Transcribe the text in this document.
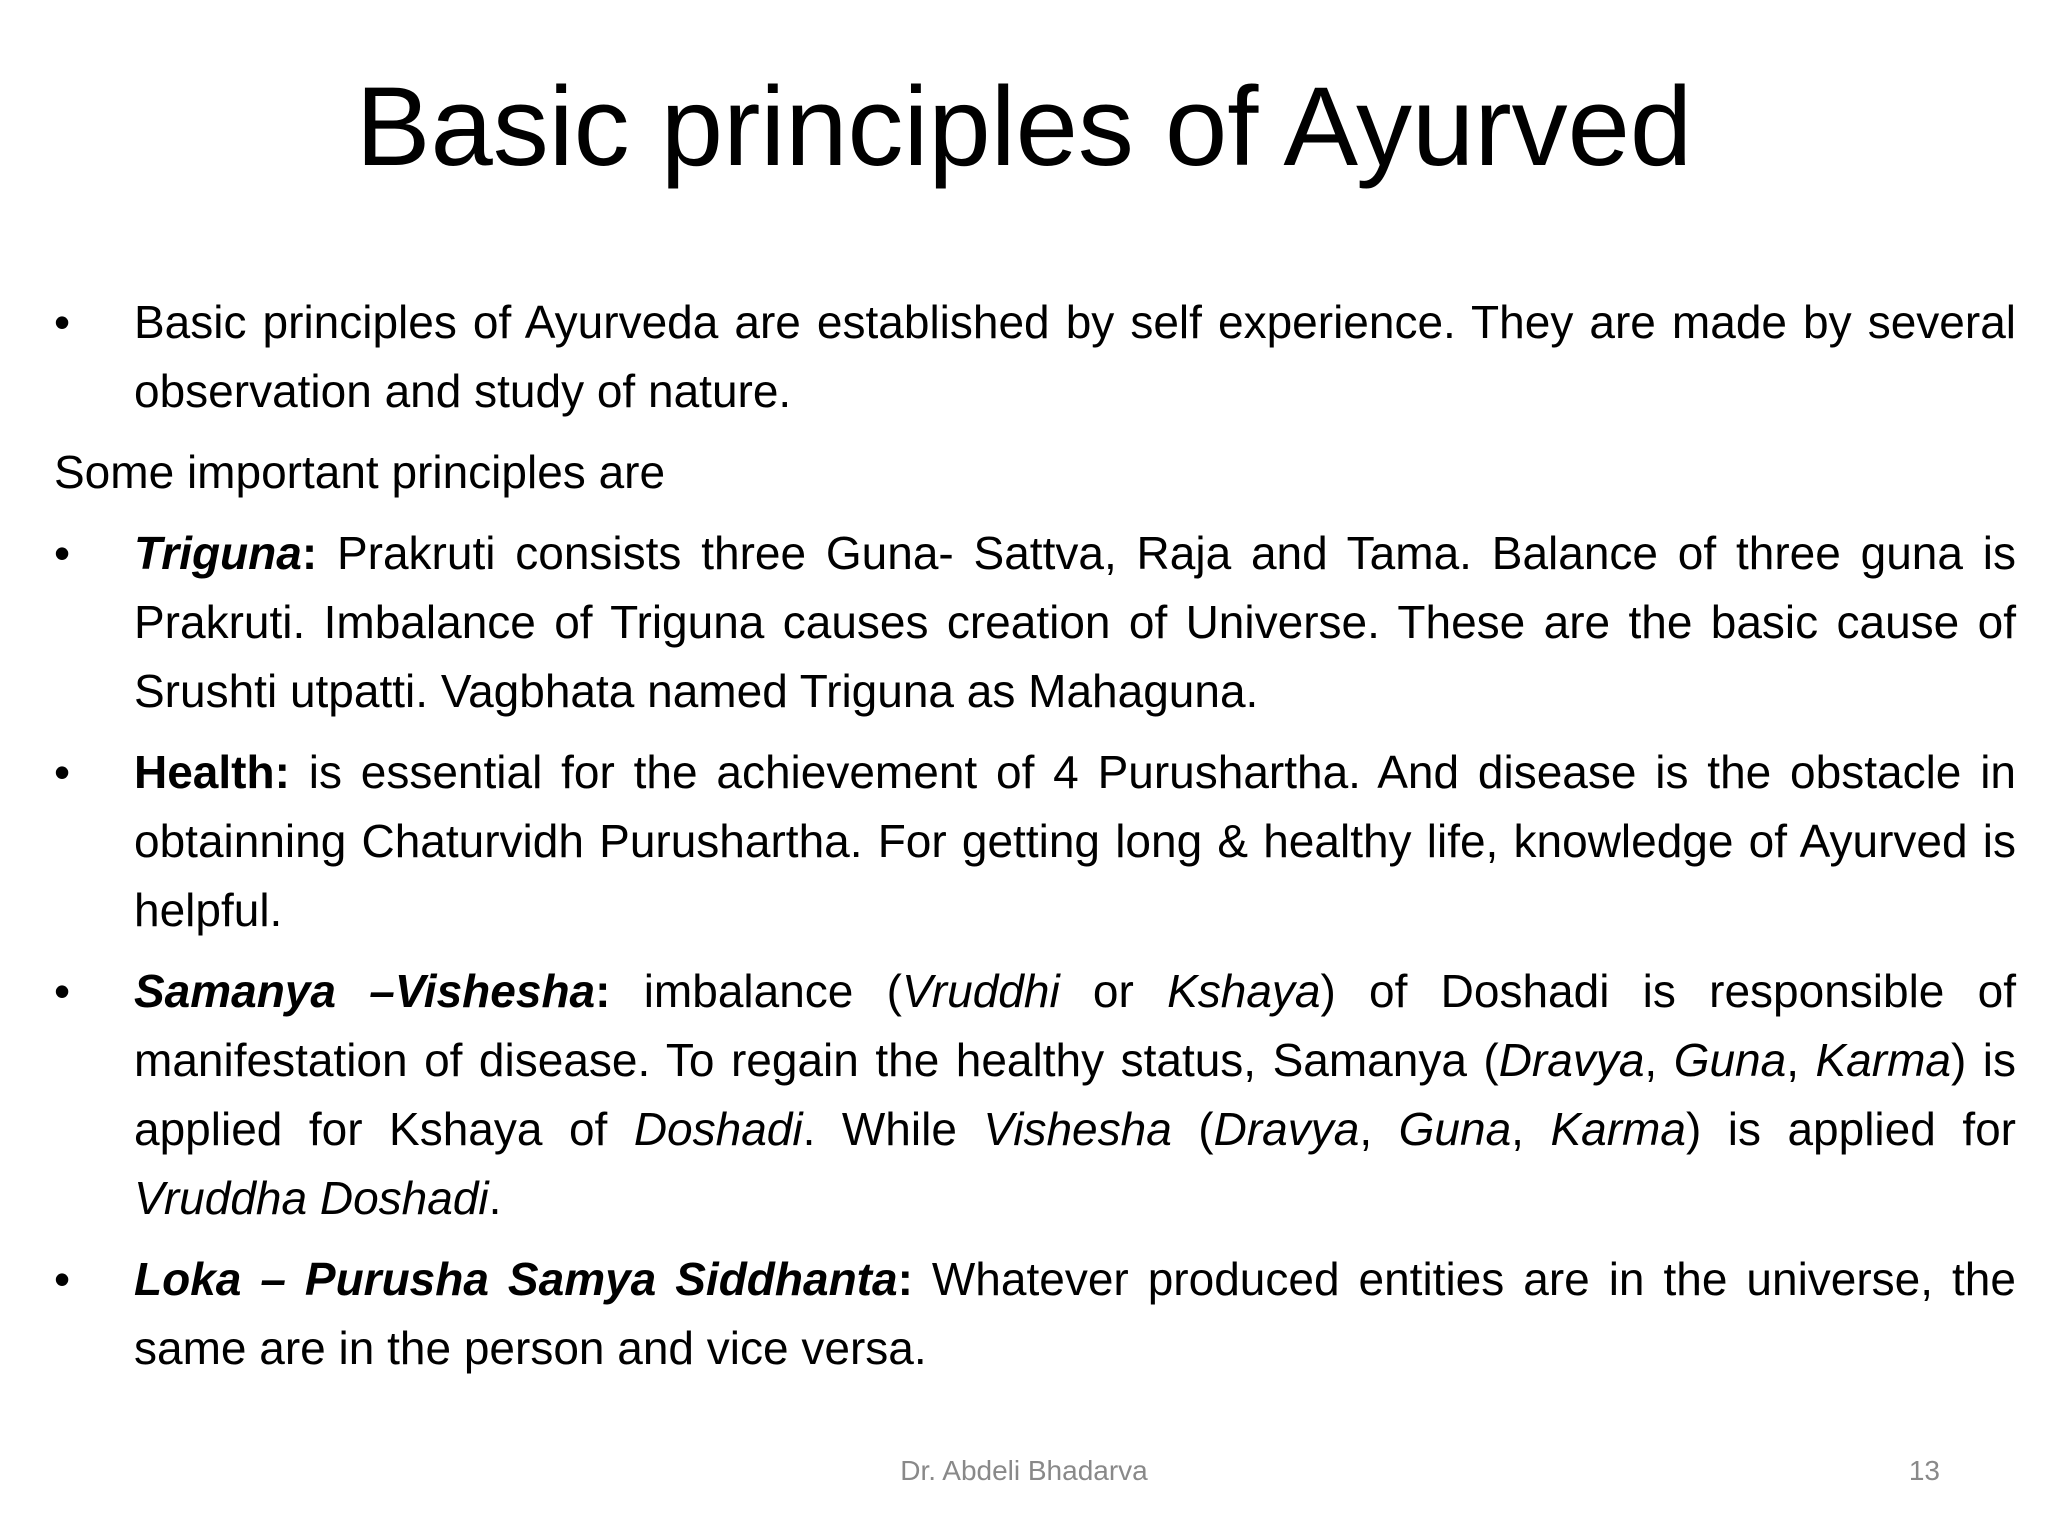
Basic principles of Ayurved

•	Basic principles of Ayurveda are established by self experience. They are made by several observation and study of nature.

Some important principles are

•	Triguna: Prakruti consists three Guna- Sattva, Raja and Tama. Balance of three guna is Prakruti. Imbalance of Triguna causes creation of Universe. These are the basic cause of Srushti utpatti. Vagbhata named Triguna as Mahaguna.

•	Health: is essential for the achievement of 4 Purushartha. And disease is the obstacle in obtainning Chaturvidh Purushartha. For getting long & healthy life, knowledge of Ayurved is helpful.

•	Samanya –Vishesha: imbalance (Vruddhi or Kshaya) of Doshadi is responsible of manifestation of disease. To regain the healthy status, Samanya (Dravya, Guna, Karma) is applied for Kshaya of Doshadi. While Vishesha (Dravya, Guna, Karma) is applied for Vruddha Doshadi.

•	Loka – Purusha Samya Siddhanta: Whatever produced entities are in the universe, the same are in the person and vice versa.

Dr. Abdeli Bhadarva	13
